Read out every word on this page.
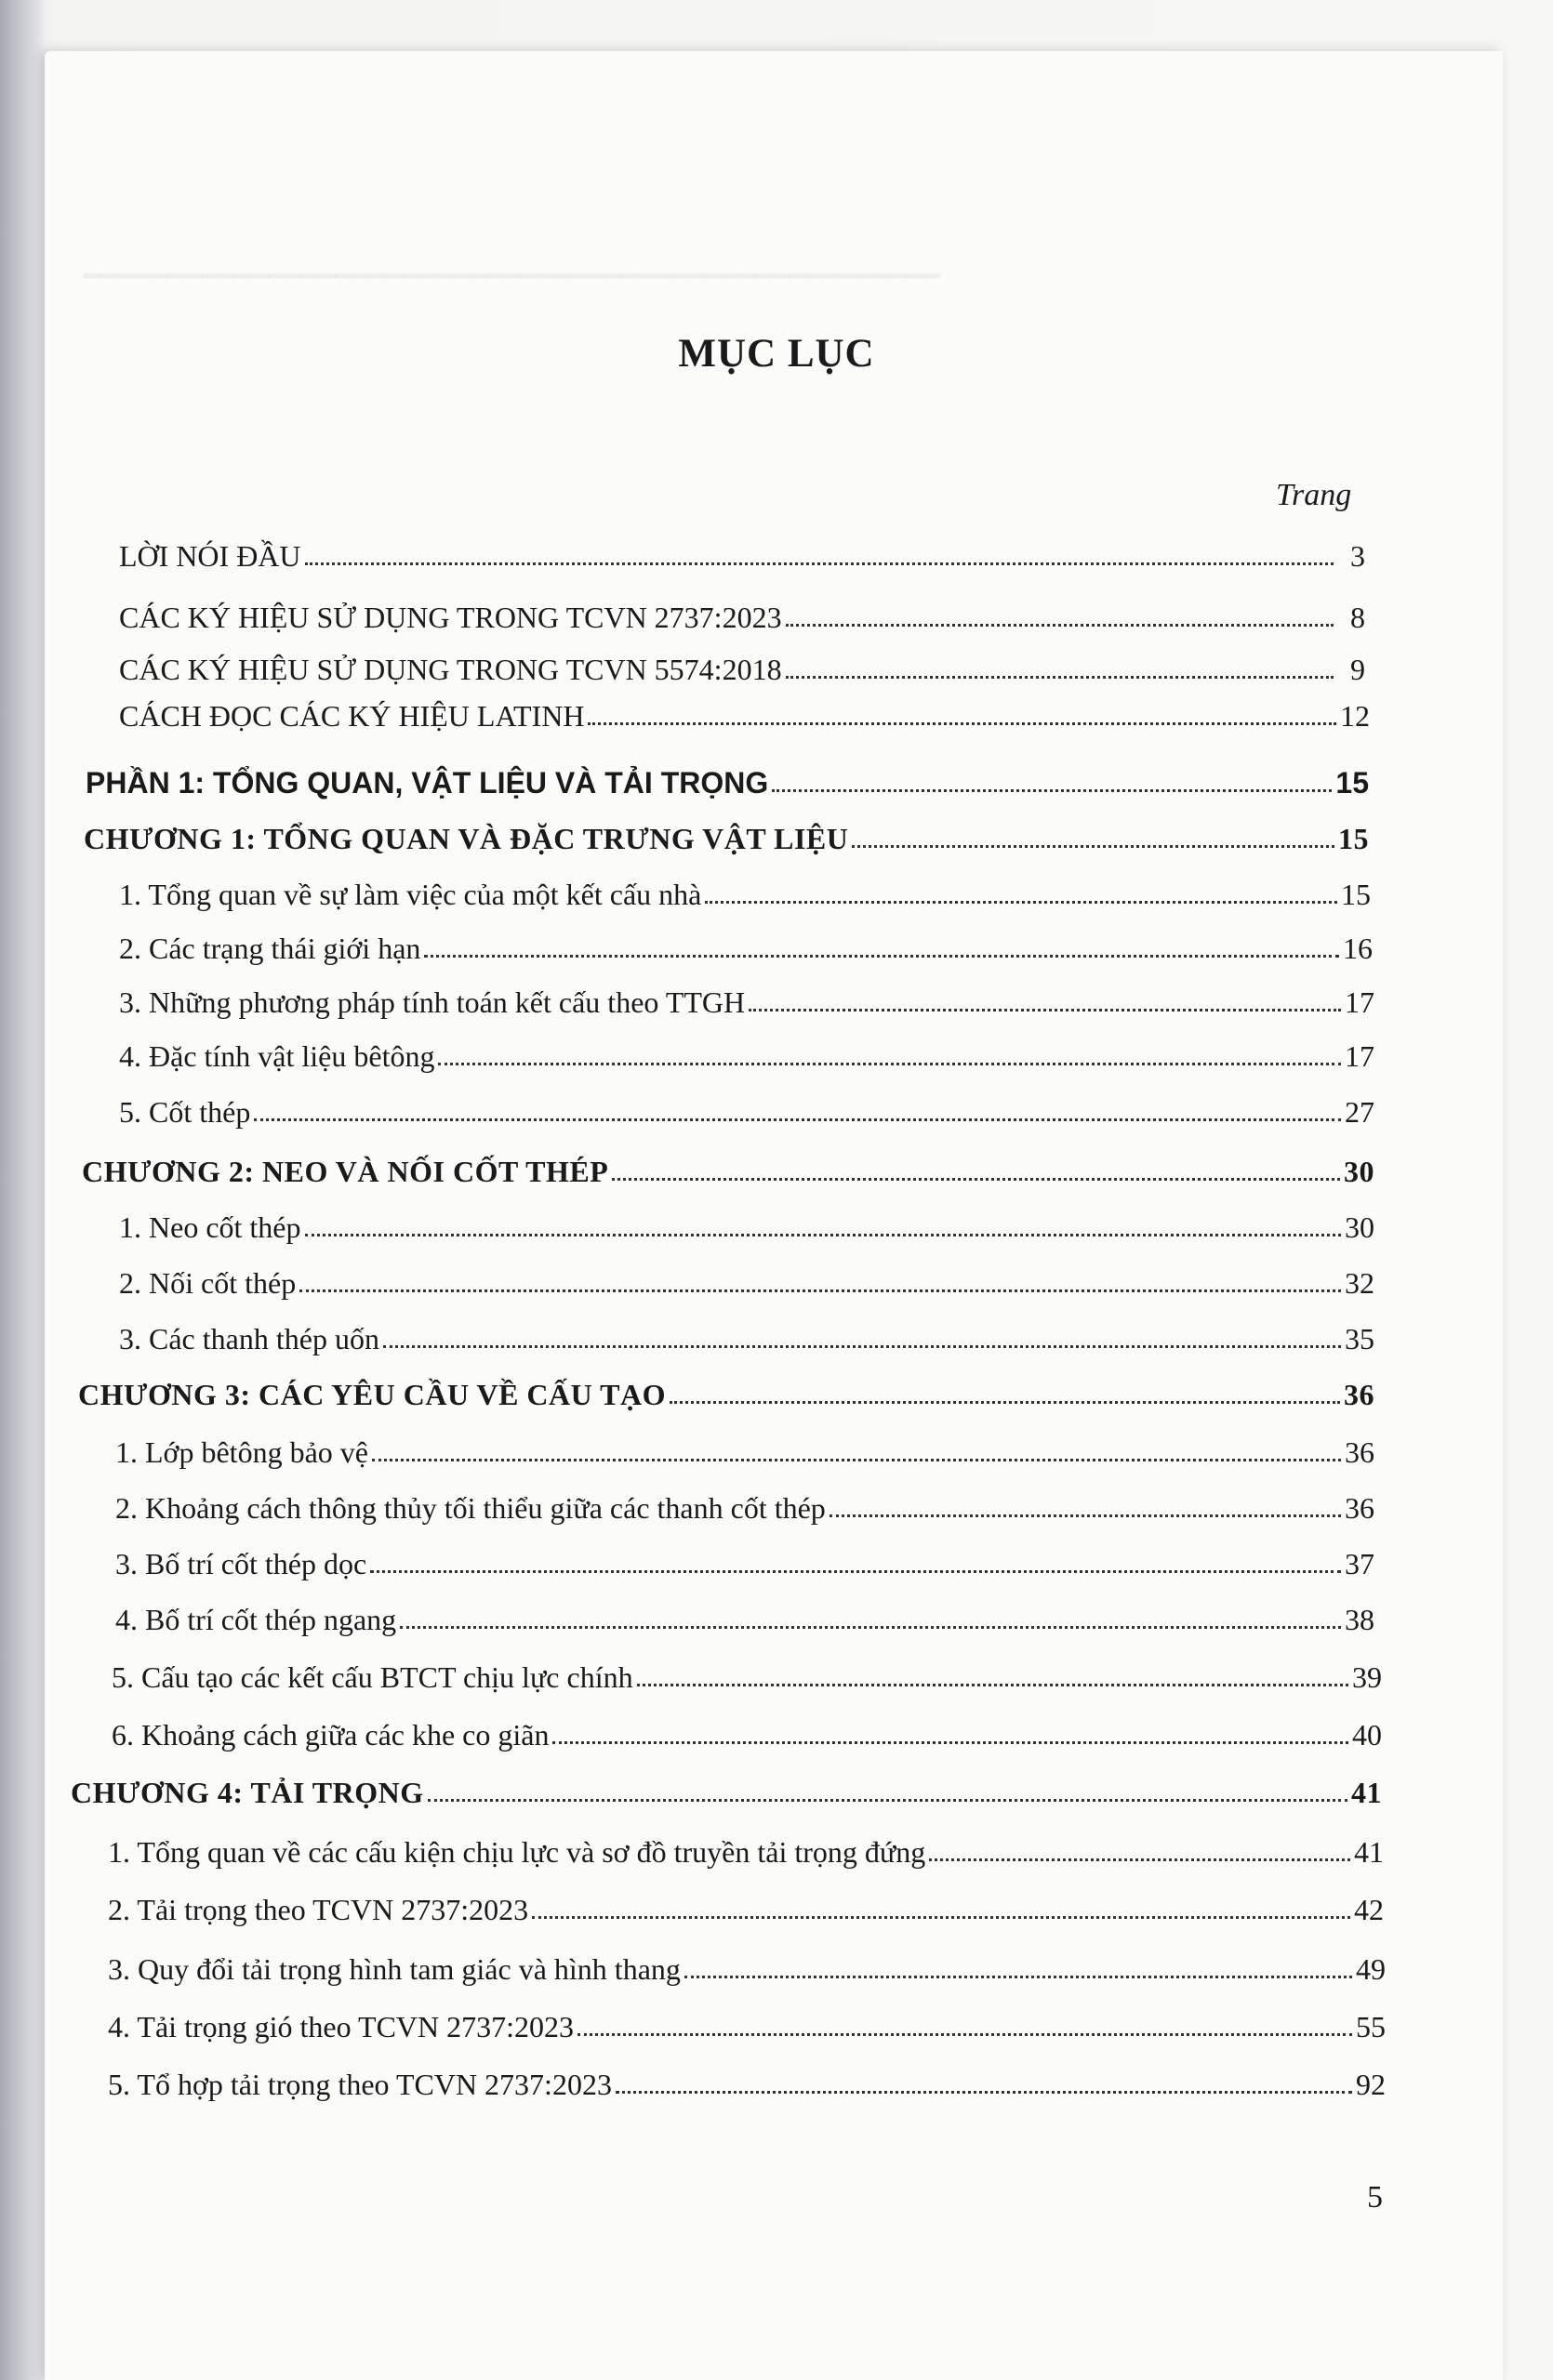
━━━━━━━━━━━━━━━━━━━━━━━━━━━━━━━━━━━━━━━━━━━━━━━━━━━
MỤC LỤC
Trang
LỜI NÓI ĐẦU	3
CÁC KÝ HIỆU SỬ DỤNG TRONG TCVN 2737:2023	8
CÁC KÝ HIỆU SỬ DỤNG TRONG TCVN 5574:2018	9
CÁCH ĐỌC CÁC KÝ HIỆU LATINH	12
PHẦN 1: TỔNG QUAN, VẬT LIỆU VÀ TẢI TRỌNG	15
CHƯƠNG 1: TỔNG QUAN VÀ ĐẶC TRƯNG VẬT LIỆU	15
1. Tổng quan về sự làm việc của một kết cấu nhà	15
2. Các trạng thái giới hạn	16
3. Những phương pháp tính toán kết cấu theo TTGH	17
4. Đặc tính vật liệu bêtông	17
5. Cốt thép	27
CHƯƠNG 2: NEO VÀ NỐI CỐT THÉP	30
1. Neo cốt thép	30
2. Nối cốt thép	32
3. Các thanh thép uốn	35
CHƯƠNG 3: CÁC YÊU CẦU VỀ CẤU TẠO	36
1. Lớp bêtông bảo vệ	36
2. Khoảng cách thông thủy tối thiểu giữa các thanh cốt thép	36
3. Bố trí cốt thép dọc	37
4. Bố trí cốt thép ngang	38
5. Cấu tạo các kết cấu BTCT chịu lực chính	39
6. Khoảng cách giữa các khe co giãn	40
CHƯƠNG 4: TẢI TRỌNG	41
1. Tổng quan về các cấu kiện chịu lực và sơ đồ truyền tải trọng đứng	41
2. Tải trọng theo TCVN 2737:2023	42
3. Quy đổi tải trọng hình tam giác và hình thang	49
4. Tải trọng gió theo TCVN 2737:2023	55
5. Tổ hợp tải trọng theo TCVN 2737:2023	92
5
